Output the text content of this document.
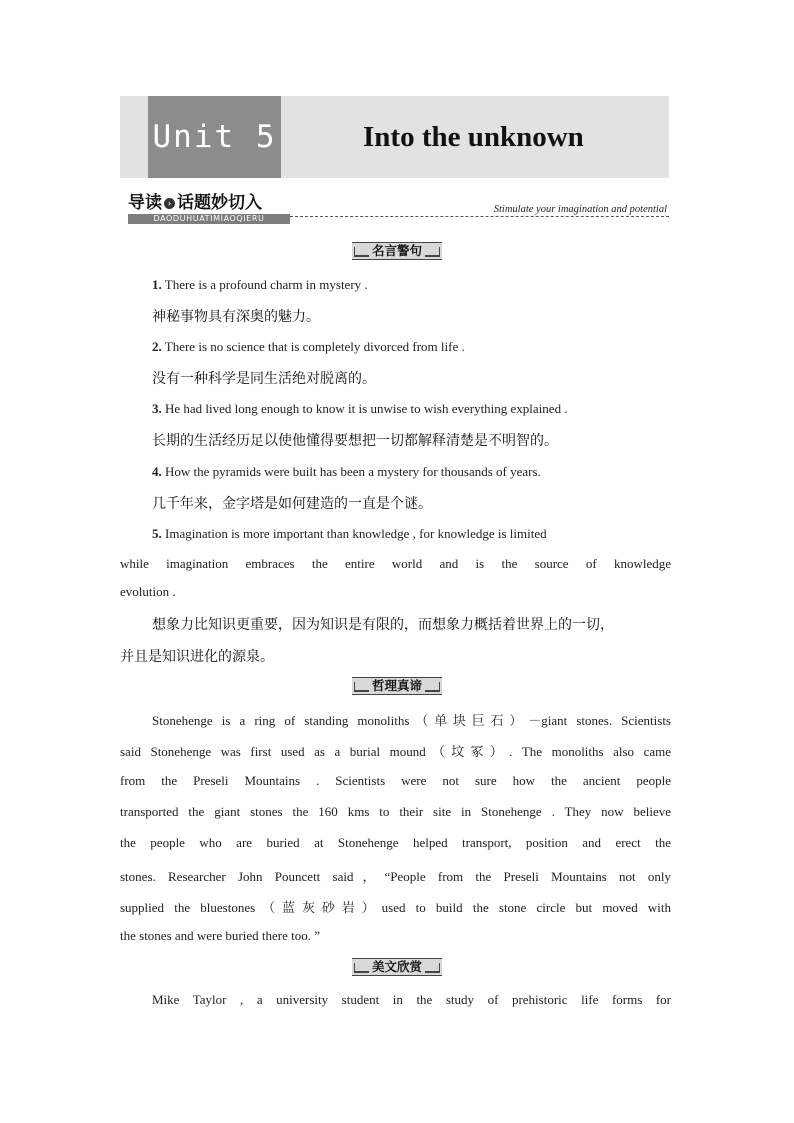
Unit 5	Into the unknown
导读 › 话题妙切入
DAODUHUATIMIAOQIERU
Stimulate your imagination and potential
名言警句
1. There is a profound charm in mystery .
神秘事物具有深奥的魅力。
2. There is no science that is completely divorced from life .
没有一种科学是同生活绝对脱离的。
3. He had lived long enough to know it is unwise to wish everything explained .
长期的生活经历足以使他懂得要想把一切都解释清楚是不明智的。
4. How the pyramids were built has been a mystery for thousands of years.
几千年来，金字塔是如何建造的一直是个谜。
5. Imagination is more important than knowledge , for knowledge is limited
while imagination embraces the entire world and is the source of knowledge
evolution .
想象力比知识更重要，因为知识是有限的，而想象力概括着世界上的一切，
并且是知识进化的源泉。
哲理真谛
Stonehenge is a ring of standing monoliths（单块巨石）－giant stones. Scientists
said Stonehenge was first used as a burial mound（坟冢）. The monoliths also came
from the Preseli Mountains . Scientists were not sure how the ancient people
transported the giant stones the 160 kms to their site in Stonehenge . They now believe
the people who are buried at Stonehenge helped transport, position and erect the
stones. Researcher John Pouncett said，“People from the Preseli Mountains not only
supplied the bluestones（蓝灰砂岩）used to build the stone circle but moved with
the stones and were buried there too. ”
美文欣赏
Mike Taylor , a university student in the study of prehistoric life forms for
